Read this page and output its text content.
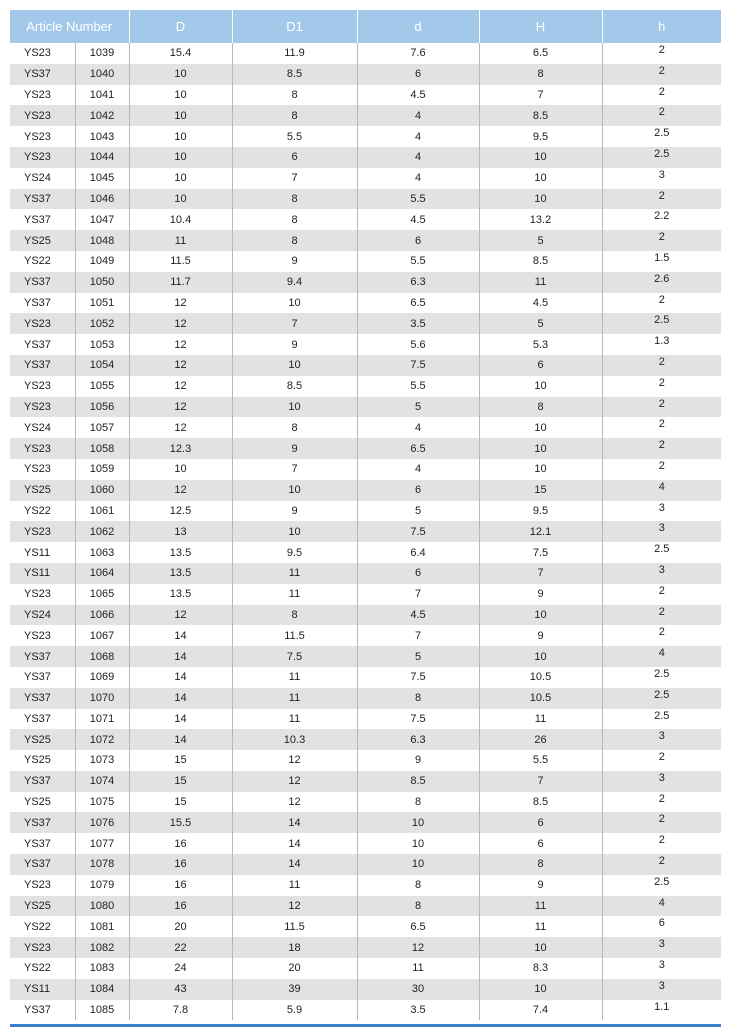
Article Number		D	D1	d	H	h
YS23	1039	15.4	11.9	7.6	6.5	2
YS37	1040	10	8.5	6	8	2
YS23	1041	10	8	4.5	7	2
YS23	1042	10	8	4	8.5	2
YS23	1043	10	5.5	4	9.5	2.5
YS23	1044	10	6	4	10	2.5
YS24	1045	10	7	4	10	3
YS37	1046	10	8	5.5	10	2
YS37	1047	10.4	8	4.5	13.2	2.2
YS25	1048	11	8	6	5	2
YS22	1049	11.5	9	5.5	8.5	1.5
YS37	1050	11.7	9.4	6.3	11	2.6
YS37	1051	12	10	6.5	4.5	2
YS23	1052	12	7	3.5	5	2.5
YS37	1053	12	9	5.6	5.3	1.3
YS37	1054	12	10	7.5	6	2
YS23	1055	12	8.5	5.5	10	2
YS23	1056	12	10	5	8	2
YS24	1057	12	8	4	10	2
YS23	1058	12.3	9	6.5	10	2
YS23	1059	10	7	4	10	2
YS25	1060	12	10	6	15	4
YS22	1061	12.5	9	5	9.5	3
YS23	1062	13	10	7.5	12.1	3
YS11	1063	13.5	9.5	6.4	7.5	2.5
YS11	1064	13.5	11	6	7	3
YS23	1065	13.5	11	7	9	2
YS24	1066	12	8	4.5	10	2
YS23	1067	14	11.5	7	9	2
YS37	1068	14	7.5	5	10	4
YS37	1069	14	11	7.5	10.5	2.5
YS37	1070	14	11	8	10.5	2.5
YS37	1071	14	11	7.5	11	2.5
YS25	1072	14	10.3	6.3	26	3
YS25	1073	15	12	9	5.5	2
YS37	1074	15	12	8.5	7	3
YS25	1075	15	12	8	8.5	2
YS37	1076	15.5	14	10	6	2
YS37	1077	16	14	10	6	2
YS37	1078	16	14	10	8	2
YS23	1079	16	11	8	9	2.5
YS25	1080	16	12	8	11	4
YS22	1081	20	11.5	6.5	11	6
YS23	1082	22	18	12	10	3
YS22	1083	24	20	11	8.3	3
YS11	1084	43	39	30	10	3
YS37	1085	7.8	5.9	3.5	7.4	1.1
